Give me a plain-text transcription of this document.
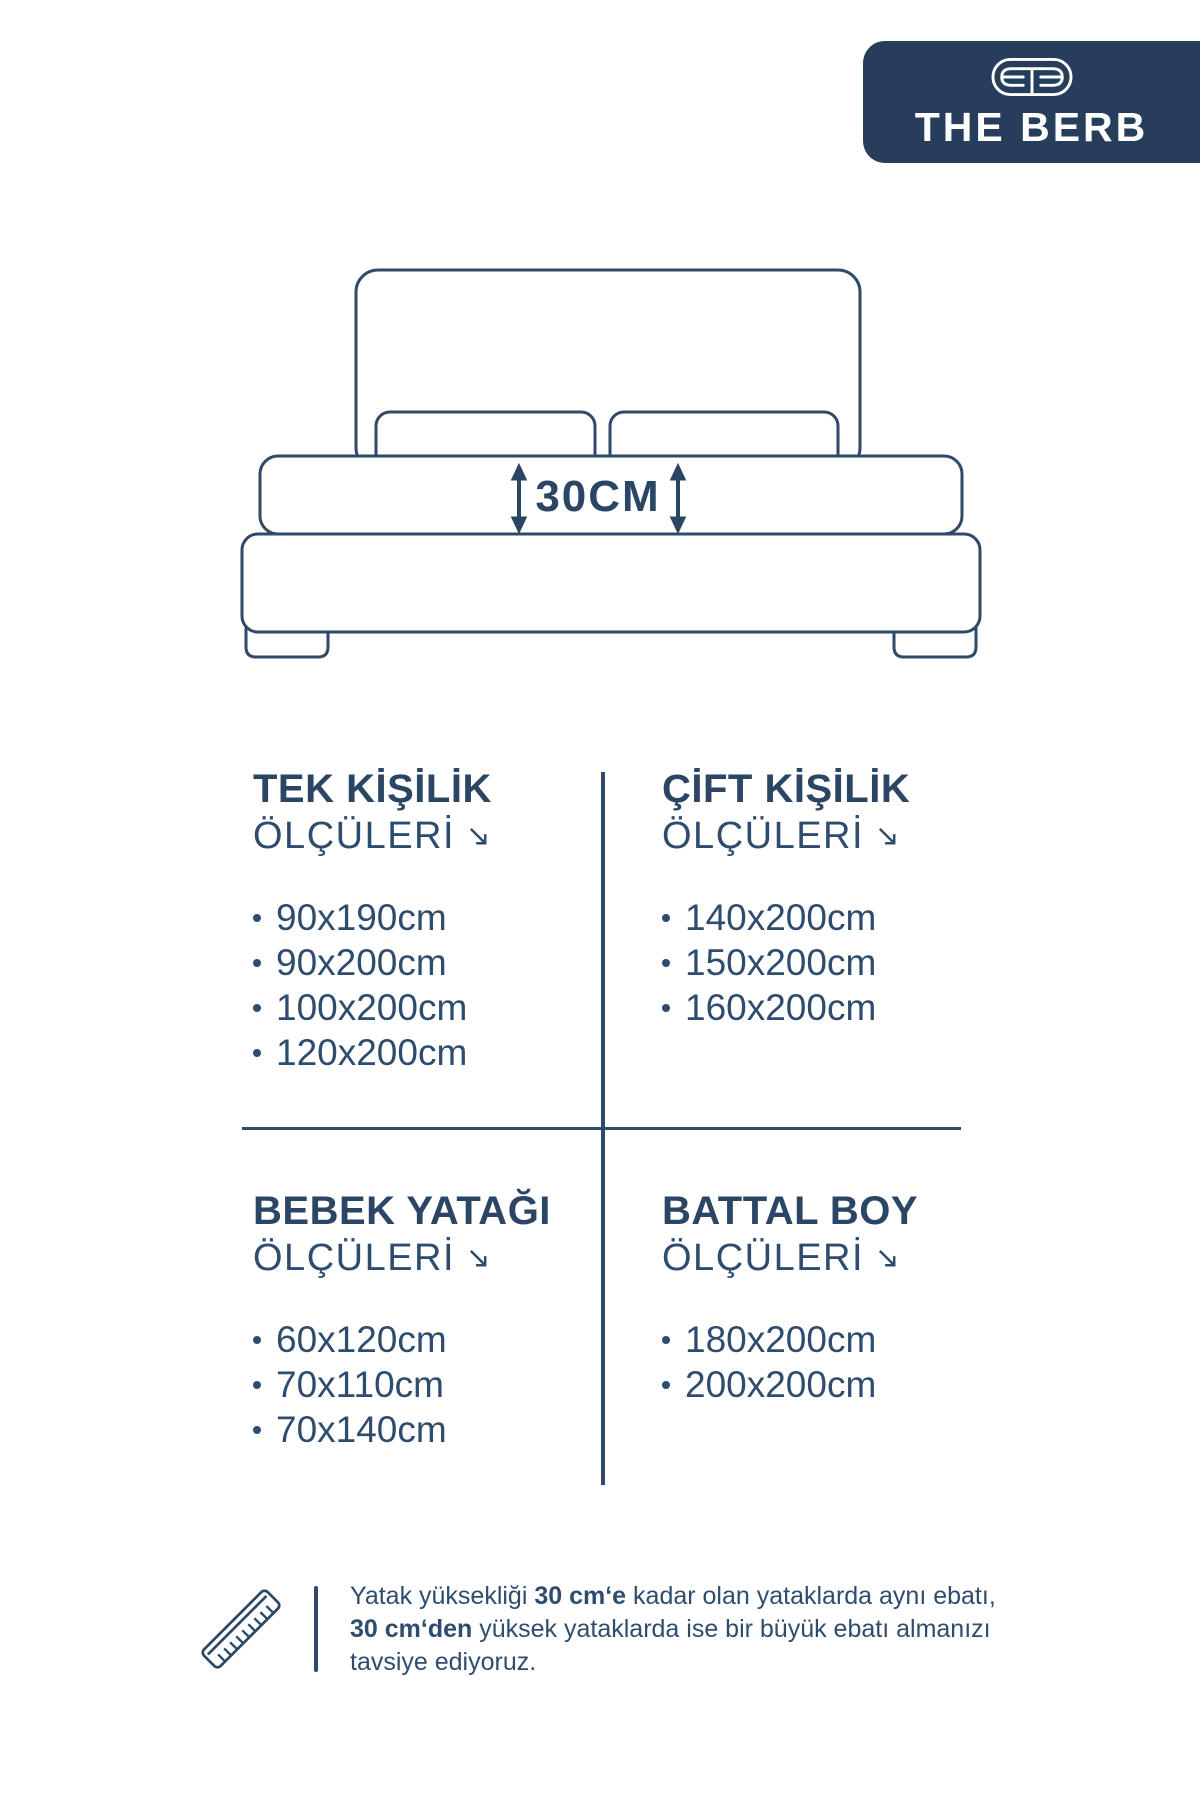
THE BERB
30CM
TEK KİŞİLİK
ÖLÇÜLERİ
90x190cm
90x200cm
100x200cm
120x200cm
ÇİFT KİŞİLİK
ÖLÇÜLERİ
140x200cm
150x200cm
160x200cm
BEBEK YATAĞI
ÖLÇÜLERİ
60x120cm
70x110cm
70x140cm
BATTAL BOY
ÖLÇÜLERİ
180x200cm
200x200cm

Yatak yüksekliği 30 cm‘e kadar olan yataklarda aynı ebatı,

30 cm‘den yüksek yataklarda ise bir büyük ebatı almanızı

tavsiye ediyoruz.
